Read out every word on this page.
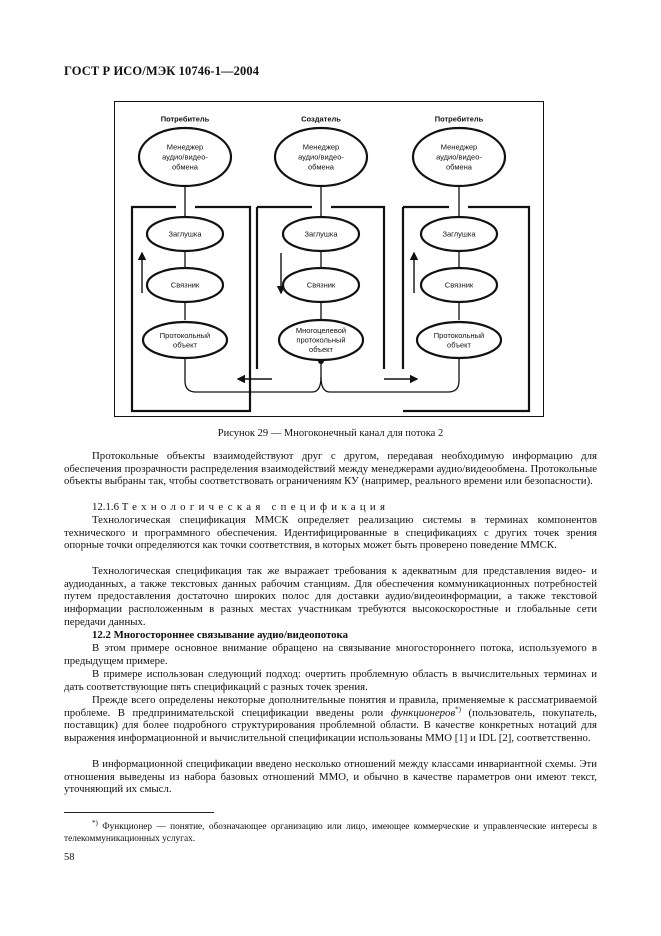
ГОСТ Р ИСО/МЭК 10746-1—2004
Потребитель
Менеджер аудио/видео-обмена
Заглушка
Связник
Протокольный объект
Создатель
Менеджер аудио/видео-обмена
Заглушка
Связник
Многоцелевой протокольный объект
Потребитель
Менеджер аудио/видео-обмена
Заглушка
Связник
Протокольный объект
Рисунок 29 — Многоконечный канал для потока 2

Протокольные объекты взаимодействуют друг с другом, передавая необходимую информацию для обеспечения прозрачности распределения взаимодействий между менеджерами аудио/видеообмена. Протокольные объекты выбраны так, чтобы соответствовать ограничениям КУ (например, реального времени или безопасности).

12.1.6 Технологическая спецификация

Технологическая спецификация ММСК определяет реализацию системы в терминах компонентов технического и программного обеспечения. Идентифицированные в спецификациях с других точек зрения опорные точки определяются как точки соответствия, в которых может быть проверено поведение ММСК.

Технологическая спецификация так же выражает требования к адекватным для представления видео- и аудиоданных, а также текстовых данных рабочим станциям. Для обеспечения коммуникационных потребностей путем предоставления достаточно широких полос для доставки аудио/видеоинформации, а также текстовой информации расположенным в разных местах участникам требуются высокоскоростные и глобальные сети передачи данных.

12.2 Многостороннее связывание аудио/видеопотока

В этом примере основное внимание обращено на связывание многостороннего потока, используемого в предыдущем примере.

В примере использован следующий подход: очертить проблемную область в вычислительных терминах и дать соответствующие пять спецификаций с разных точек зрения.

Прежде всего определены некоторые дополнительные понятия и правила, применяемые к рассматриваемой проблеме. В предпринимательской спецификации введены роли функционеров*) (пользователь, покупатель, поставщик) для более подробного структурирования проблемной области. В качестве конкретных нотаций для выражения информационной и вычислительной спецификации использованы ММО [1] и IDL [2], соответственно.

В информационной спецификации введено несколько отношений между классами инвариантной схемы. Эти отношения выведены из набора базовых отношений ММО, и обычно в качестве параметров они имеют текст, уточняющий их смысл.

*) Функционер — понятие, обозначающее организацию или лицо, имеющее коммерческие и управленческие интересы в телекоммуникационных услугах.

58
